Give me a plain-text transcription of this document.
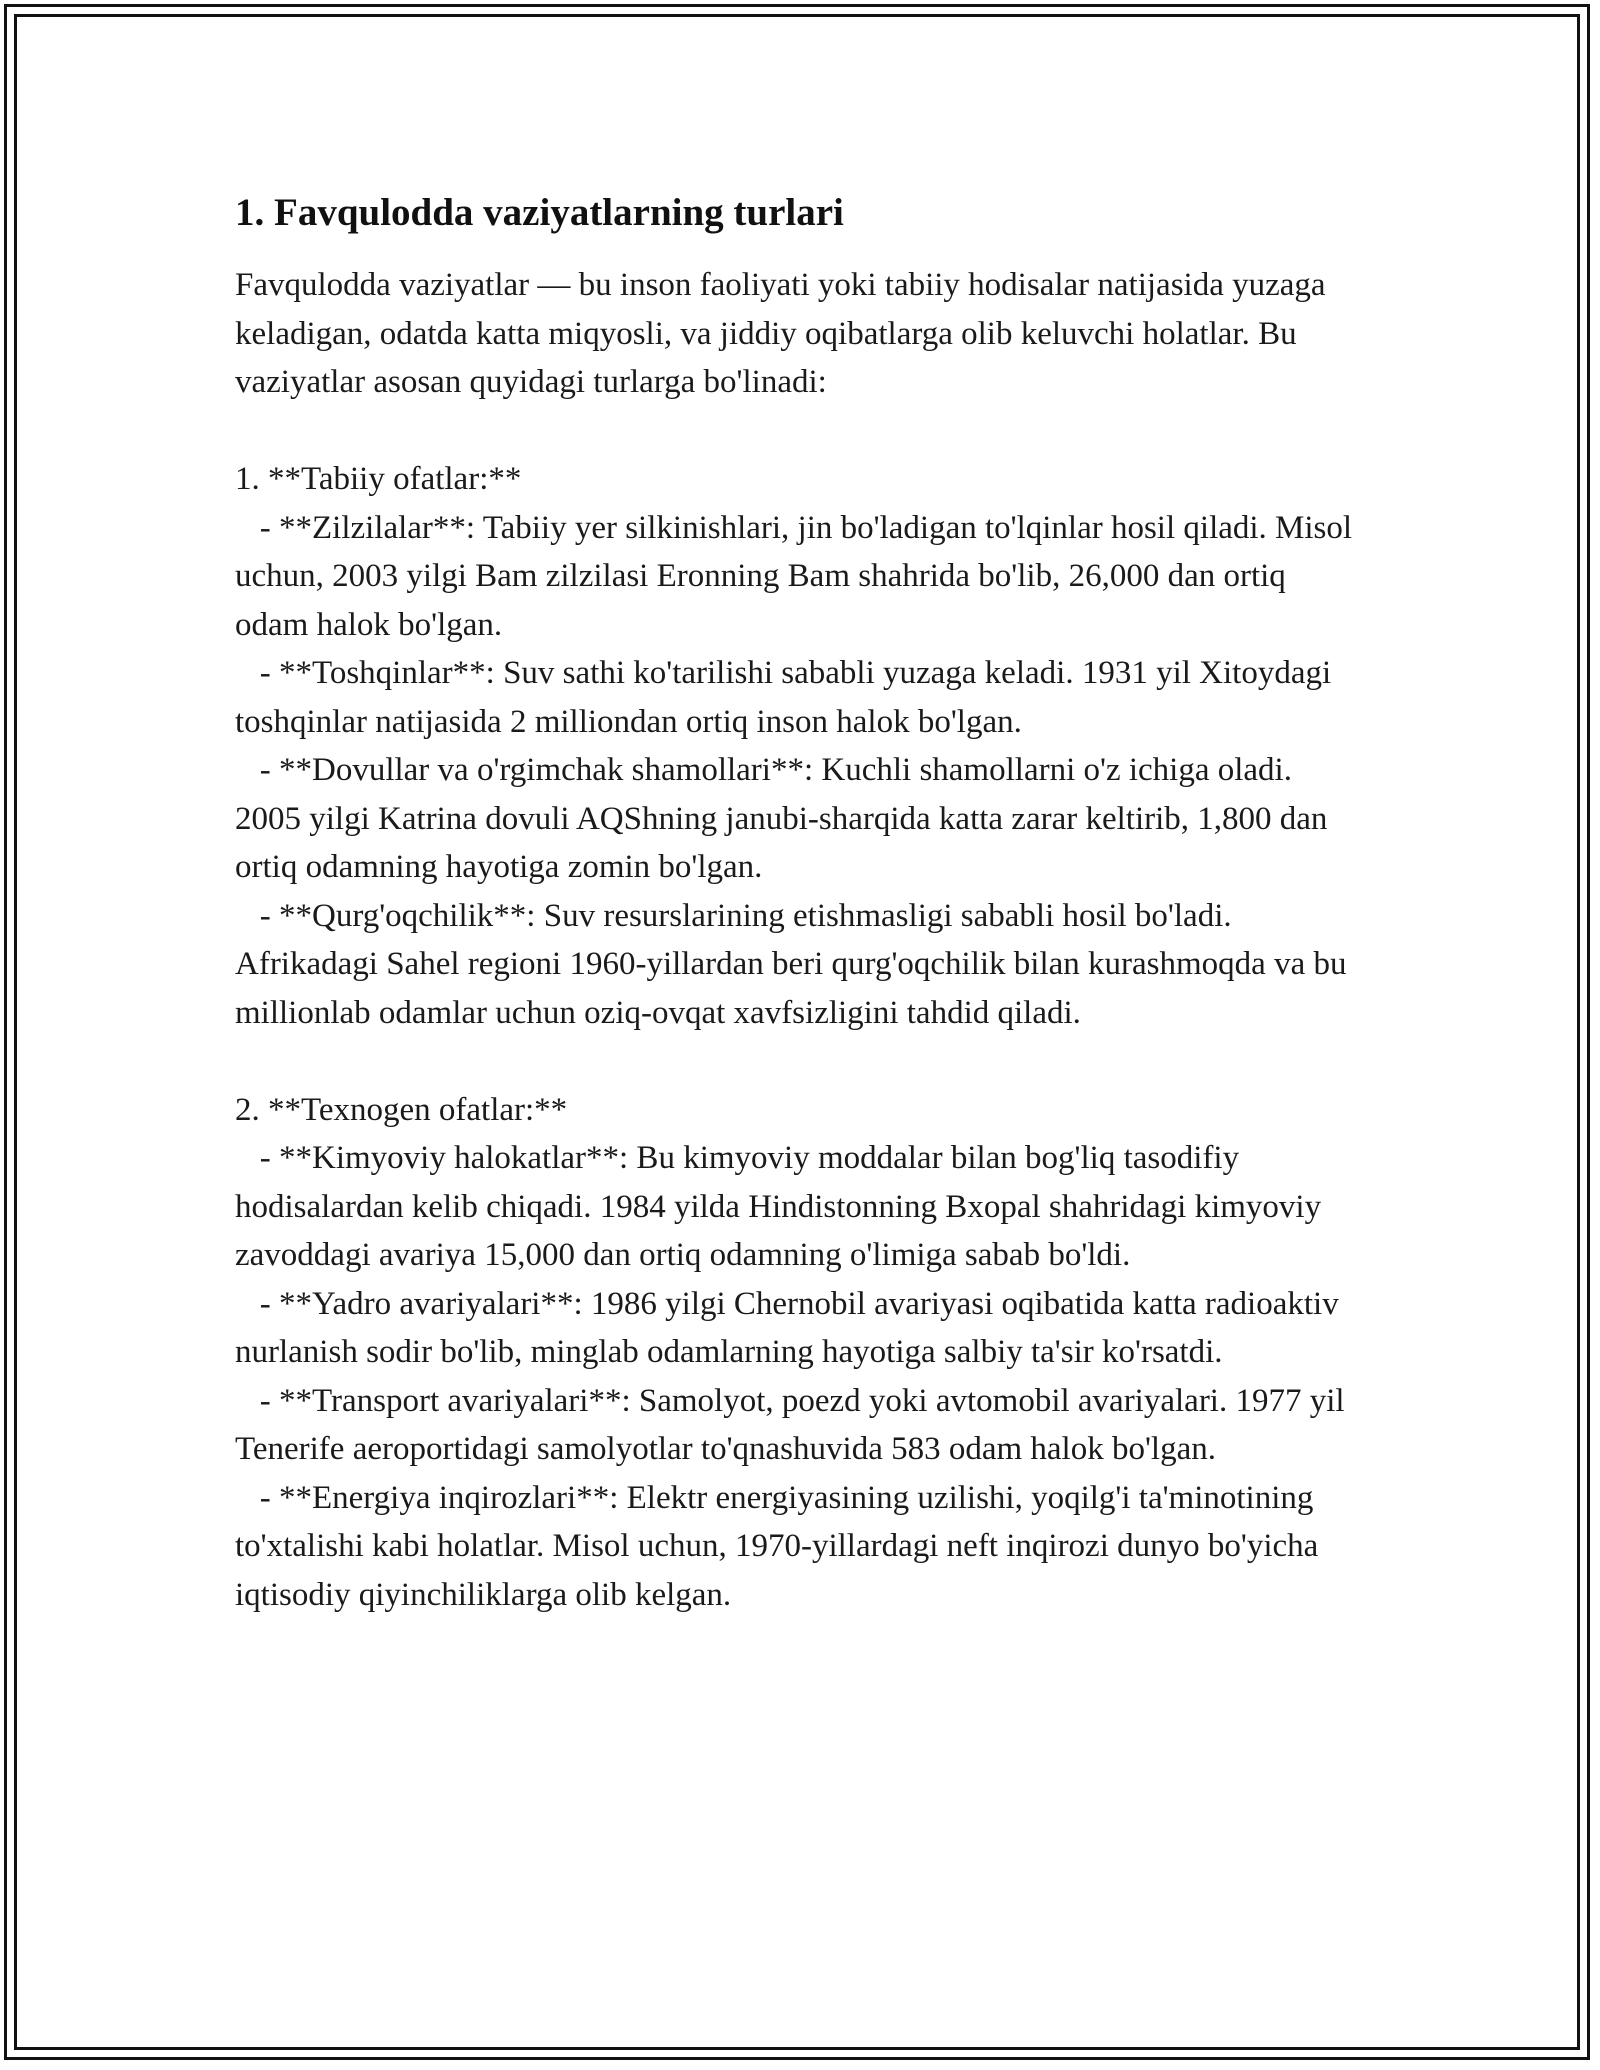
1. Favqulodda vaziyatlarning turlari

Favqulodda vaziyatlar — bu inson faoliyati yoki tabiiy hodisalar natijasida yuzaga keladigan, odatda katta miqyosli, va jiddiy oqibatlarga olib keluvchi holatlar. Bu vaziyatlar asosan quyidagi turlarga bo'linadi:

1. **Tabiiy ofatlar:**

- **Zilzilalar**: Tabiiy yer silkinishlari, jin bo'ladigan to'lqinlar hosil qiladi. Misol uchun, 2003 yilgi Bam zilzilasi Eronning Bam shahrida bo'lib, 26,000 dan ortiq odam halok bo'lgan.

- **Toshqinlar**: Suv sathi ko'tarilishi sababli yuzaga keladi. 1931 yil Xitoydagi toshqinlar natijasida 2 milliondan ortiq inson halok bo'lgan.

- **Dovullar va o'rgimchak shamollari**: Kuchli shamollarni o'z ichiga oladi. 2005 yilgi Katrina dovuli AQShning janubi-sharqida katta zarar keltirib, 1,800 dan ortiq odamning hayotiga zomin bo'lgan.

- **Qurg'oqchilik**: Suv resurslarining etishmasligi sababli hosil bo'ladi. Afrikadagi Sahel regioni 1960-yillardan beri qurg'oqchilik bilan kurashmoqda va bu millionlab odamlar uchun oziq-ovqat xavfsizligini tahdid qiladi.

2. **Texnogen ofatlar:**

- **Kimyoviy halokatlar**: Bu kimyoviy moddalar bilan bog'liq tasodifiy hodisalardan kelib chiqadi. 1984 yilda Hindistonning Bxopal shahridagi kimyoviy zavoddagi avariya 15,000 dan ortiq odamning o'limiga sabab bo'ldi.

- **Yadro avariyalari**: 1986 yilgi Chernobil avariyasi oqibatida katta radioaktiv nurlanish sodir bo'lib, minglab odamlarning hayotiga salbiy ta'sir ko'rsatdi.

- **Transport avariyalari**: Samolyot, poezd yoki avtomobil avariyalari. 1977 yil Tenerife aeroportidagi samolyotlar to'qnashuvida 583 odam halok bo'lgan.

- **Energiya inqirozlari**: Elektr energiyasining uzilishi, yoqilg'i ta'minotining to'xtalishi kabi holatlar. Misol uchun, 1970-yillardagi neft inqirozi dunyo bo'yicha iqtisodiy qiyinchiliklarga olib kelgan.
